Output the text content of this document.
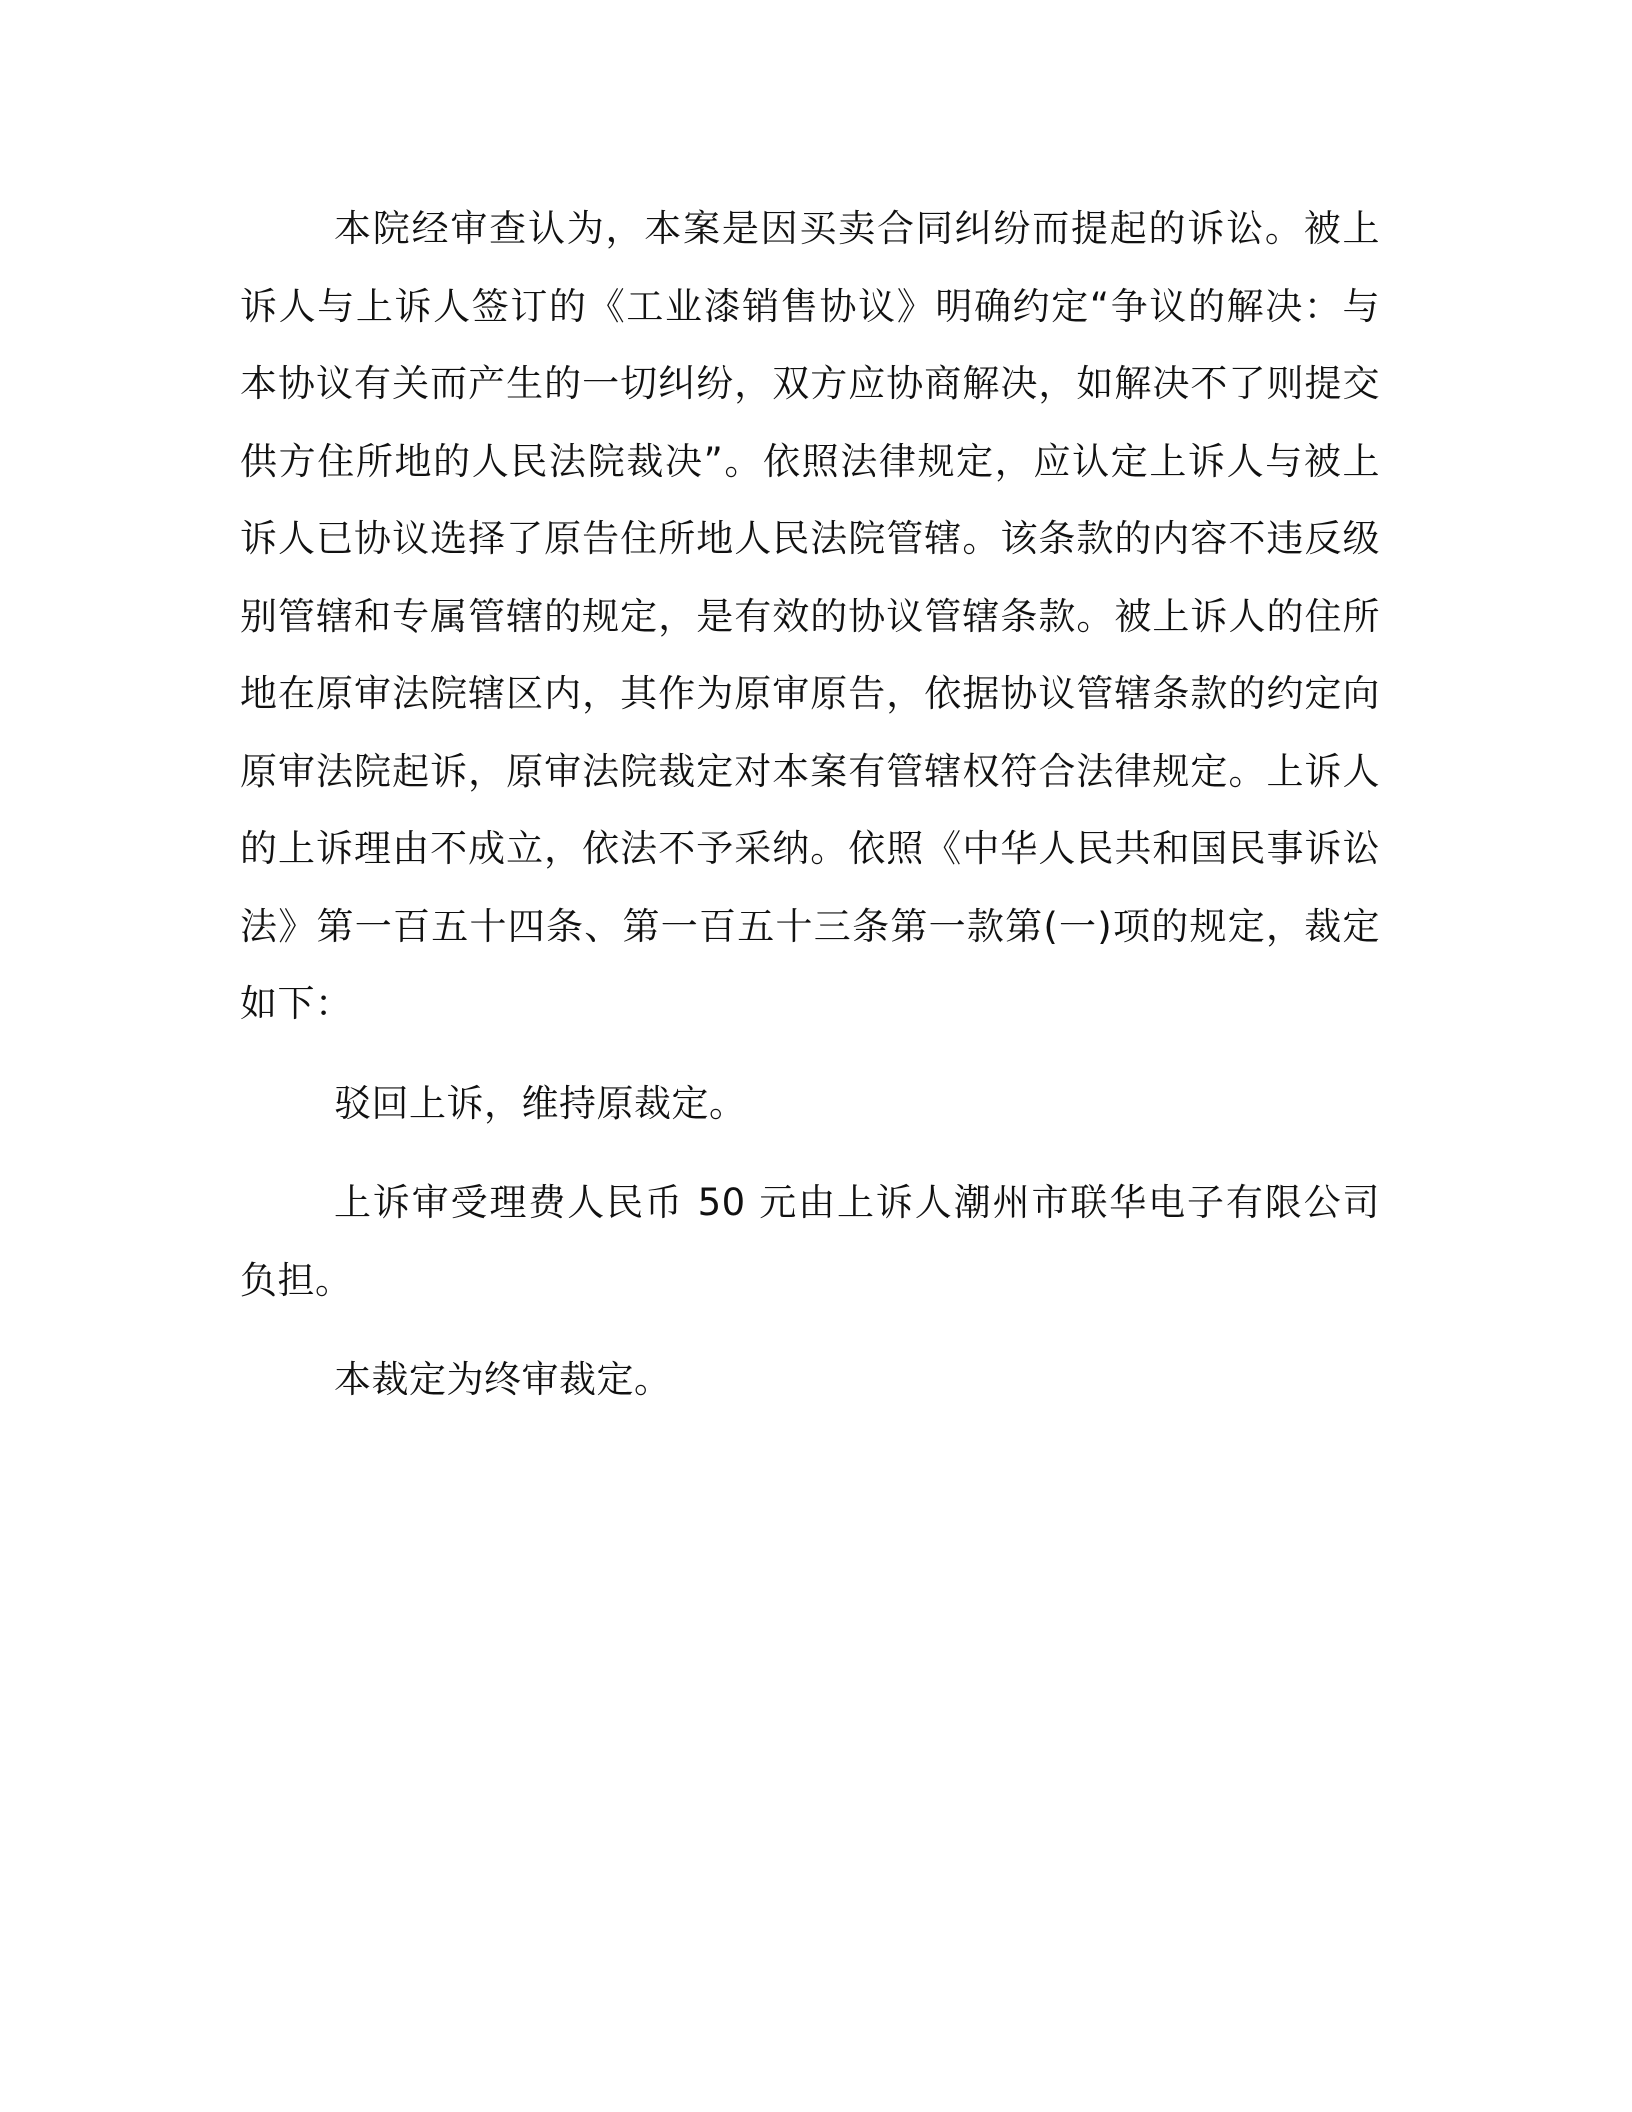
本院经审查认为，本案是因买卖合同纠纷而提起的诉讼。被上诉人与上诉人签订的《工业漆销售协议》明确约定“争议的解决：与本协议有关而产生的一切纠纷，双方应协商解决，如解决不了则提交供方住所地的人民法院裁决”。依照法律规定，应认定上诉人与被上诉人已协议选择了原告住所地人民法院管辖。该条款的内容不违反级别管辖和专属管辖的规定，是有效的协议管辖条款。被上诉人的住所地在原审法院辖区内，其作为原审原告，依据协议管辖条款的约定向原审法院起诉，原审法院裁定对本案有管辖权符合法律规定。上诉人的上诉理由不成立，依法不予采纳。依照《中华人民共和国民事诉讼法》第一百五十四条、第一百五十三条第一款第(一)项的规定，裁定如下：

驳回上诉，维持原裁定。

上诉审受理费人民币 50 元由上诉人潮州市联华电子有限公司负担。

本裁定为终审裁定。
